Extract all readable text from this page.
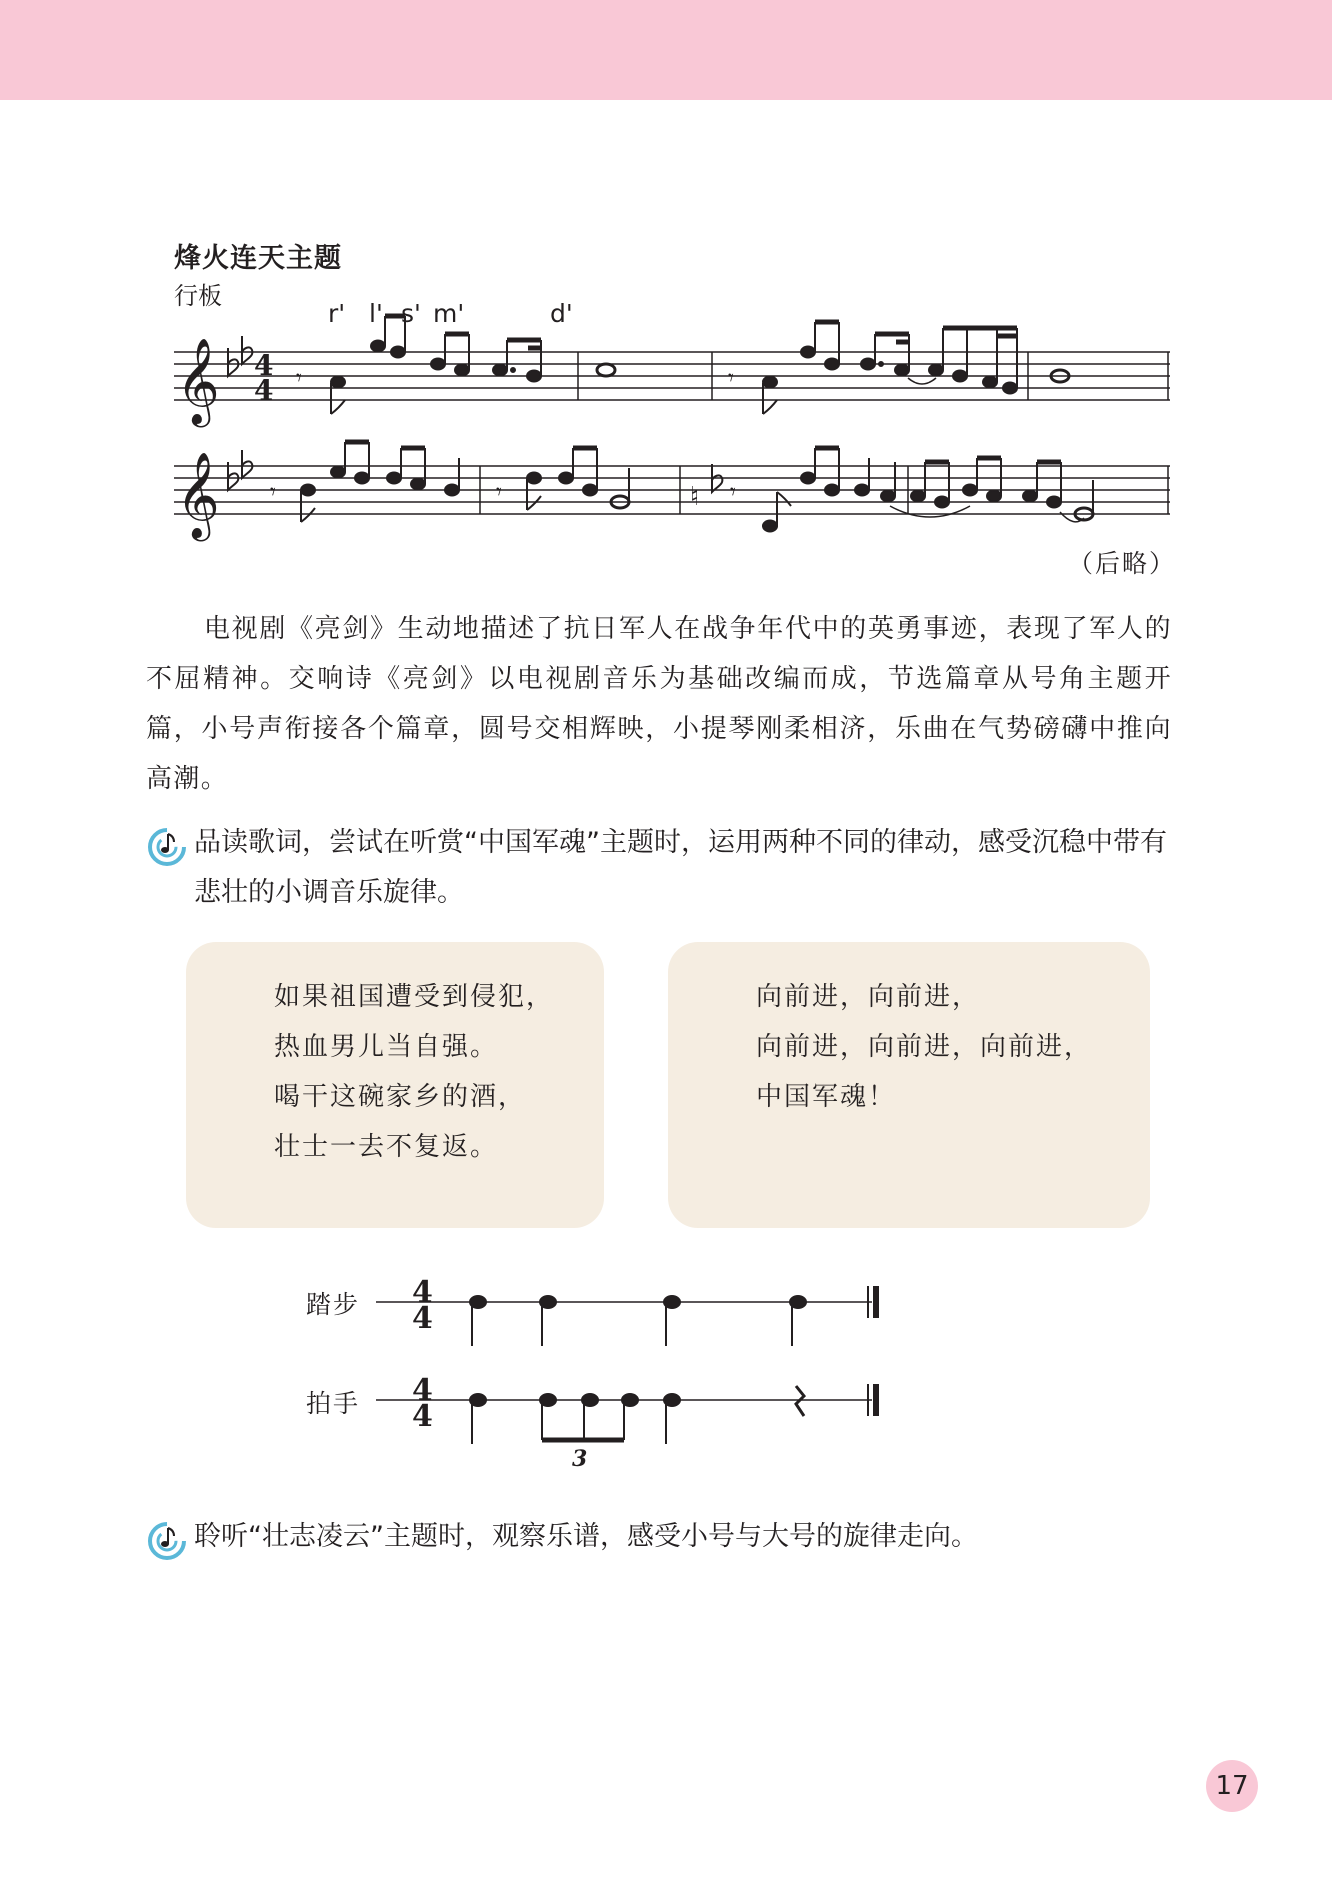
烽火连天主题
行板
r' l' s' m'	d'
𝄞
𝄞
4
4 𝄾	𝄾
𝄾	𝄾	♮ 𝄾
（后略）

电视剧《亮剑》生动地描述了抗日军人在战争年代中的英勇事迹，表现了军人的不屈精神。交响诗《亮剑》以电视剧音乐为基础改编而成，节选篇章从号角主题开篇，小号声衔接各个篇章，圆号交相辉映，小提琴刚柔相济，乐曲在气势磅礴中推向高潮。

品读歌词，尝试在听赏“中国军魂”主题时，运用两种不同的律动，感受沉稳中带有悲壮的小调音乐旋律。
如果祖国遭受到侵犯，
热血男儿当自强。
喝干这碗家乡的酒，
壮士一去不复返。
向前进，向前进，
向前进，向前进，向前进，
中国军魂！
踏步
拍手
4
4
4
4
3
聆听“壮志凌云”主题时，观察乐谱，感受小号与大号的旋律走向。
17
